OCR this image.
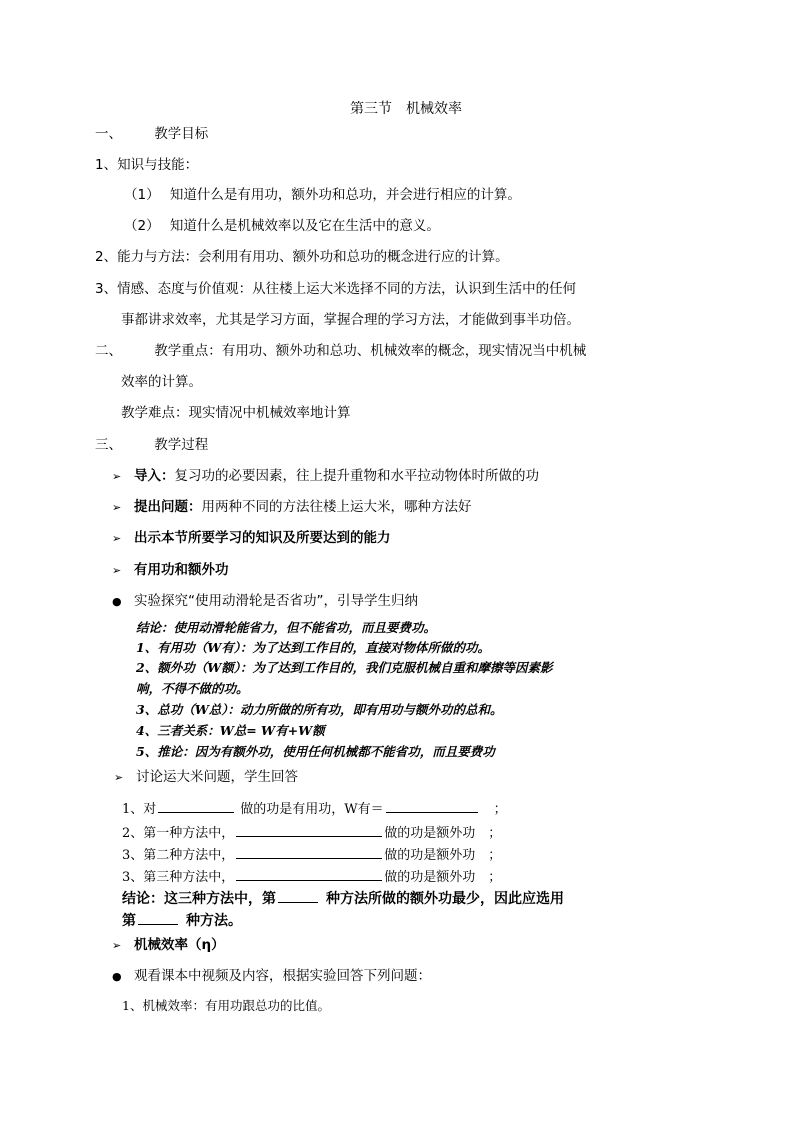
第三节　机械效率
一、 教学目标
1、知识与技能：
（1） 知道什么是有用功，额外功和总功，并会进行相应的计算。
（2） 知道什么是机械效率以及它在生活中的意义。
2、能力与方法：会利用有用功、额外功和总功的概念进行应的计算。
3、情感、态度与价值观：从往楼上运大米选择不同的方法，认识到生活中的任何
事都讲求效率，尤其是学习方面，掌握合理的学习方法，才能做到事半功倍。
二、 教学重点：有用功、额外功和总功、机械效率的概念，现实情况当中机械
效率的计算。
教学难点：现实情况中机械效率地计算
三、 教学过程
➢ 导入：复习功的必要因素，往上提升重物和水平拉动物体时所做的功
➢ 提出问题：用两种不同的方法往楼上运大米，哪种方法好
➢ 出示本节所要学习的知识及所要达到的能力
➢ 有用功和额外功
● 实验探究“使用动滑轮是否省功”，引导学生归纳
结论：使用动滑轮能省力，但不能省功，而且要费功。
1、有用功（W有）：为了达到工作目的，直接对物体所做的功。
2、额外功（W额）：为了达到工作目的，我们克服机械自重和摩擦等因素影
响，不得不做的功。
3、总功（W总）：动力所做的所有功，即有用功与额外功的总和。
4、三者关系：W总= W有+W额
5、推论：因为有额外功，使用任何机械都不能省功，而且要费功
➢ 讨论运大米问题，学生回答
1、对	做的功是有用功，W有＝	；
2、第一种方法中，	做的功是额外功　；
3、第二种方法中，	做的功是额外功　；
3、第三种方法中，	做的功是额外功　；
结论：这三种方法中，第	种方法所做的额外功最少，因此应选用
第	种方法。
➢ 机械效率（η）
● 观看课本中视频及内容，根据实验回答下列问题：
1、机械效率：有用功跟总功的比值。
